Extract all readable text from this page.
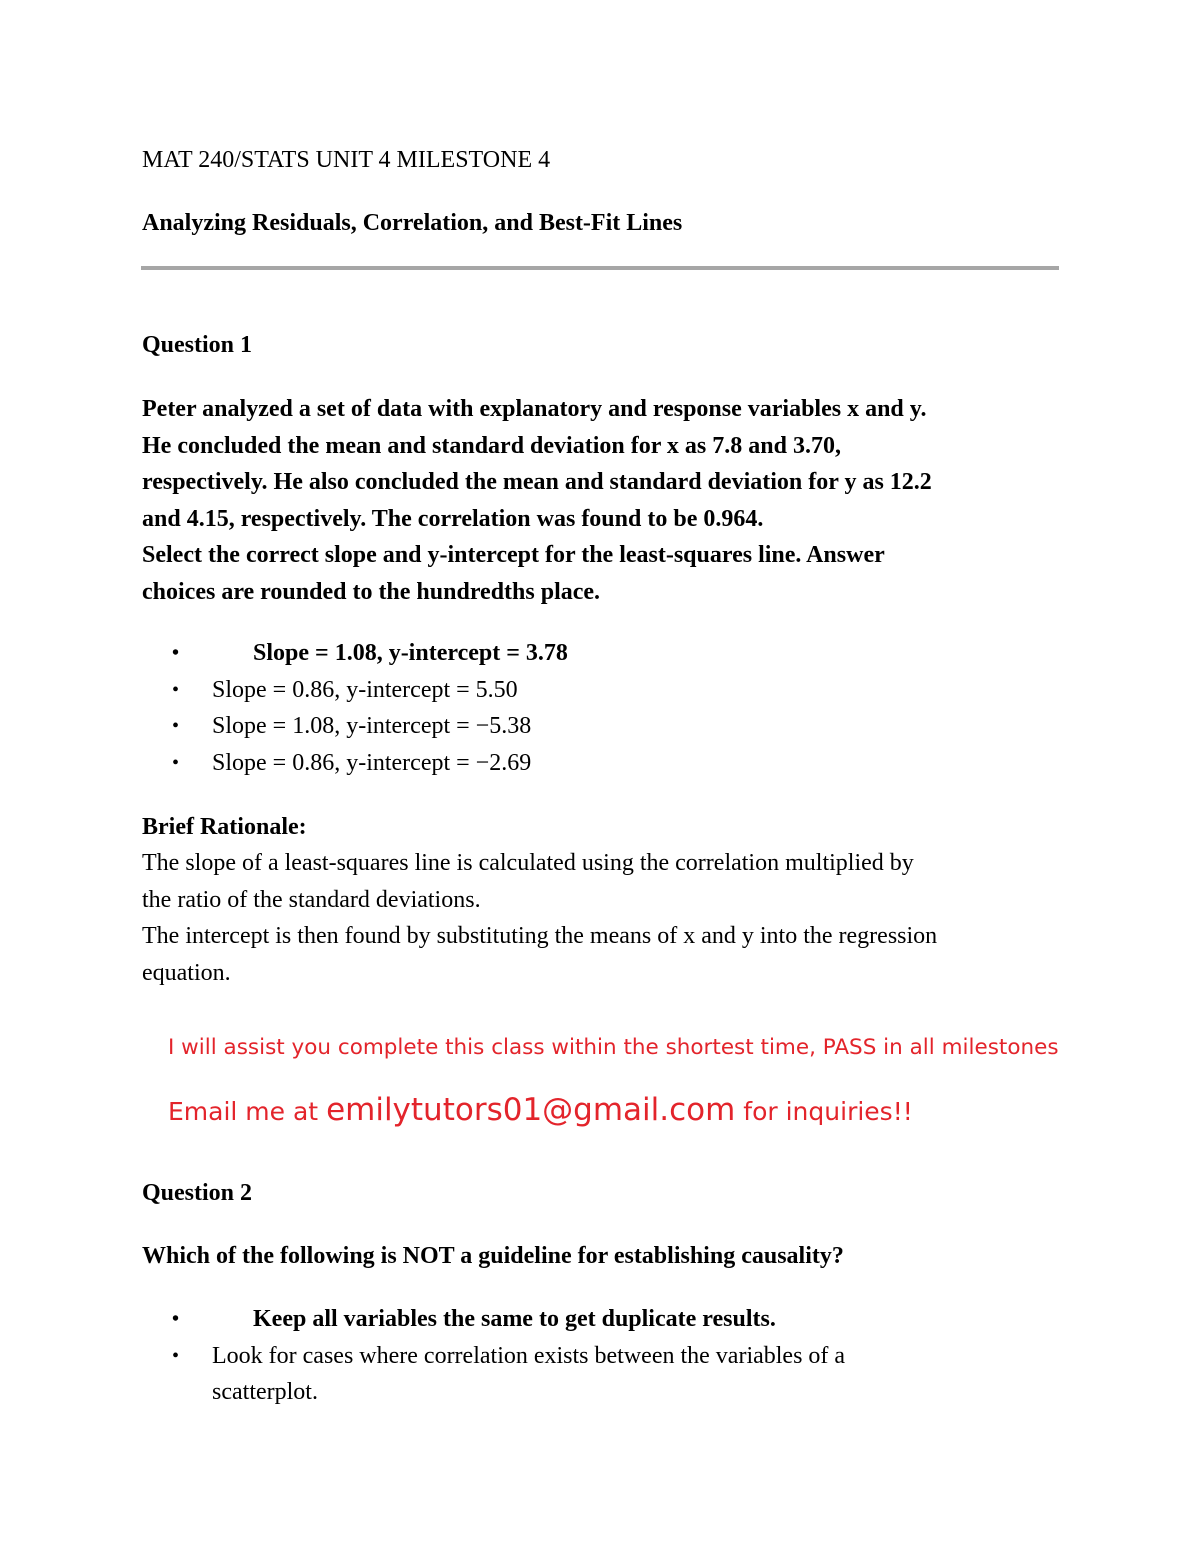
MAT 240/STATS UNIT 4 MILESTONE 4
Analyzing Residuals, Correlation, and Best-Fit Lines
Question 1
Peter analyzed a set of data with explanatory and response variables x and y.
He concluded the mean and standard deviation for x as 7.8 and 3.70,
respectively. He also concluded the mean and standard deviation for y as 12.2
and 4.15, respectively. The correlation was found to be 0.964.
Select the correct slope and y-intercept for the least-squares line. Answer
choices are rounded to the hundredths place.
•	Slope = 1.08, y-intercept = 3.78
• Slope = 0.86, y-intercept = 5.50
• Slope = 1.08, y-intercept = −5.38
• Slope = 0.86, y-intercept = −2.69
Brief Rationale:
The slope of a least-squares line is calculated using the correlation multiplied by
the ratio of the standard deviations.
The intercept is then found by substituting the means of x and y into the regression
equation.
I will assist you complete this class within the shortest time, PASS in all milestones
Email me at emilytutors01@gmail.com for inquiries!!
Question 2
Which of the following is NOT a guideline for establishing causality?
•	Keep all variables the same to get duplicate results.
• Look for cases where correlation exists between the variables of a
scatterplot.
